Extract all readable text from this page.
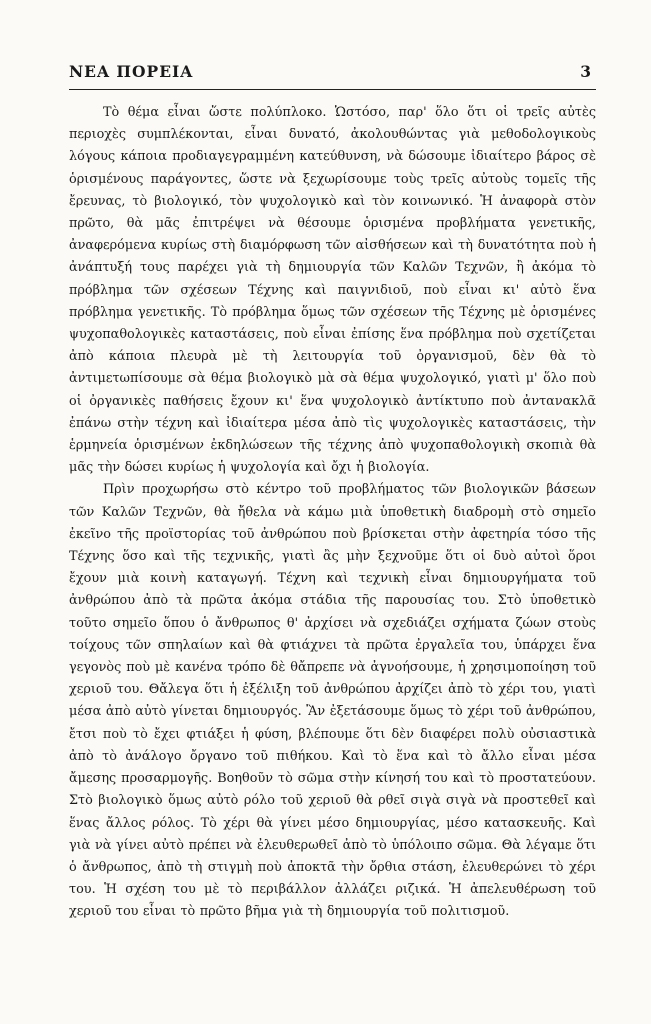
ΝΕΑ ΠΟΡΕΙΑ	3

Τὸ θέμα εἶναι ὥστε πολύπλοκο. Ὡστόσο, παρ' ὅλο ὅτι οἱ τρεῖς αὐτὲς περιοχὲς συμπλέκονται, εἶναι δυνατό, ἀκολουθώντας γιὰ μεθοδολογικοὺς λόγους κάποια προδιαγεγραμμένη κατεύθυνση, νὰ δώσουμε ἰδιαίτερο βάρος σὲ ὁρισμένους παράγοντες, ὥστε νὰ ξεχωρίσουμε τοὺς τρεῖς αὐτοὺς τομεῖς τῆς ἔρευνας, τὸ βιολογικό, τὸν ψυχολογικὸ καὶ τὸν κοινωνικό. Ἡ ἀναφορὰ στὸν πρῶτο, θὰ μᾶς ἐπιτρέψει νὰ θέσουμε ὁρισμένα προβλήματα γενετικῆς, ἀναφερόμενα κυρίως στὴ διαμόρφωση τῶν αἰσθήσεων καὶ τὴ δυνατότητα ποὺ ἡ ἀνάπτυξή τους παρέχει γιὰ τὴ δημιουργία τῶν Καλῶν Τεχνῶν, ἢ ἀκόμα τὸ πρόβλημα τῶν σχέσεων Τέχνης καὶ παιγνιδιοῦ, ποὺ εἶναι κι' αὐτὸ ἕνα πρόβλημα γενετικῆς. Τὸ πρόβλημα ὅμως τῶν σχέσεων τῆς Τέχνης μὲ ὁρισμένες ψυχοπαθολογικὲς καταστάσεις, ποὺ εἶναι ἐπίσης ἕνα πρόβλημα ποὺ σχετίζεται ἀπὸ κάποια πλευρὰ μὲ τὴ λειτουργία τοῦ ὀργανισμοῦ, δὲν θὰ τὸ ἀντιμετωπίσουμε σὰ θέμα βιολογικὸ μὰ σὰ θέμα ψυχολογικό, γιατὶ μ' ὅλο ποὺ οἱ ὀργανικὲς παθήσεις ἔχουν κι' ἕνα ψυχολογικὸ ἀντίκτυπο ποὺ ἀντανακλᾶ ἐπάνω στὴν τέχνη καὶ ἰδιαίτερα μέσα ἀπὸ τὶς ψυχολογικὲς καταστάσεις, τὴν ἑρμηνεία ὁρισμένων ἐκδηλώσεων τῆς τέχνης ἀπὸ ψυχοπαθολογικὴ σκοπιὰ θὰ μᾶς τὴν δώσει κυρίως ἡ ψυχολογία καὶ ὄχι ἡ βιολογία.

Πρὶν προχωρήσω στὸ κέντρο τοῦ προβλήματος τῶν βιολογικῶν βάσεων τῶν Καλῶν Τεχνῶν, θὰ ἤθελα νὰ κάμω μιὰ ὑποθετικὴ διαδρομὴ στὸ σημεῖο ἐκεῖνο τῆς προϊστορίας τοῦ ἀνθρώπου ποὺ βρίσκεται στὴν ἀφετηρία τόσο τῆς Τέχνης ὅσο καὶ τῆς τεχνικῆς, γιατὶ ἂς μὴν ξεχνοῦμε ὅτι οἱ δυὸ αὐτοὶ ὅροι ἔχουν μιὰ κοινὴ καταγωγή. Τέχνη καὶ τεχνικὴ εἶναι δημιουργήματα τοῦ ἀνθρώπου ἀπὸ τὰ πρῶτα ἀκόμα στάδια τῆς παρουσίας του. Στὸ ὑποθετικὸ τοῦτο σημεῖο ὅπου ὁ ἄνθρωπος θ' ἀρχίσει νὰ σχεδιάζει σχήματα ζώων στοὺς τοίχους τῶν σπηλαίων καὶ θὰ φτιάχνει τὰ πρῶτα ἐργαλεῖα του, ὑπάρχει ἕνα γεγονὸς ποὺ μὲ κανένα τρόπο δὲ θἄπρεπε νὰ ἀγνοήσουμε, ἡ χρησιμοποίηση τοῦ χεριοῦ του. Θἄλεγα ὅτι ἡ ἐξέλιξη τοῦ ἀνθρώπου ἀρχίζει ἀπὸ τὸ χέρι του, γιατὶ μέσα ἀπὸ αὐτὸ γίνεται δημιουργός. Ἂν ἐξετάσουμε ὅμως τὸ χέρι τοῦ ἀνθρώπου, ἔτσι ποὺ τὸ ἔχει φτιάξει ἡ φύση, βλέπουμε ὅτι δὲν διαφέρει πολὺ οὐσιαστικὰ ἀπὸ τὸ ἀνάλογο ὄργανο τοῦ πιθήκου. Καὶ τὸ ἕνα καὶ τὸ ἄλλο εἶναι μέσα ἄμεσης προσαρμογῆς. Βοηθοῦν τὸ σῶμα στὴν κίνησή του καὶ τὸ προστατεύουν. Στὸ βιολογικὸ ὅμως αὐτὸ ρόλο τοῦ χεριοῦ θὰ ρθεῖ σιγὰ σιγὰ νὰ προστεθεῖ καὶ ἕνας ἄλλος ρόλος. Τὸ χέρι θὰ γίνει μέσο δημιουργίας, μέσο κατασκευῆς. Καὶ γιὰ νὰ γίνει αὐτὸ πρέπει νὰ ἐλευθερωθεῖ ἀπὸ τὸ ὑπόλοιπο σῶμα. Θὰ λέγαμε ὅτι ὁ ἄνθρωπος, ἀπὸ τὴ στιγμὴ ποὺ ἀποκτᾶ τὴν ὄρθια στάση, ἐλευθερώνει τὸ χέρι του. Ἡ σχέση του μὲ τὸ περιβάλλον ἀλλάζει ριζικά. Ἡ ἀπελευθέρωση τοῦ χεριοῦ του εἶναι τὸ πρῶτο βῆμα γιὰ τὴ δημιουργία τοῦ πολιτισμοῦ.
